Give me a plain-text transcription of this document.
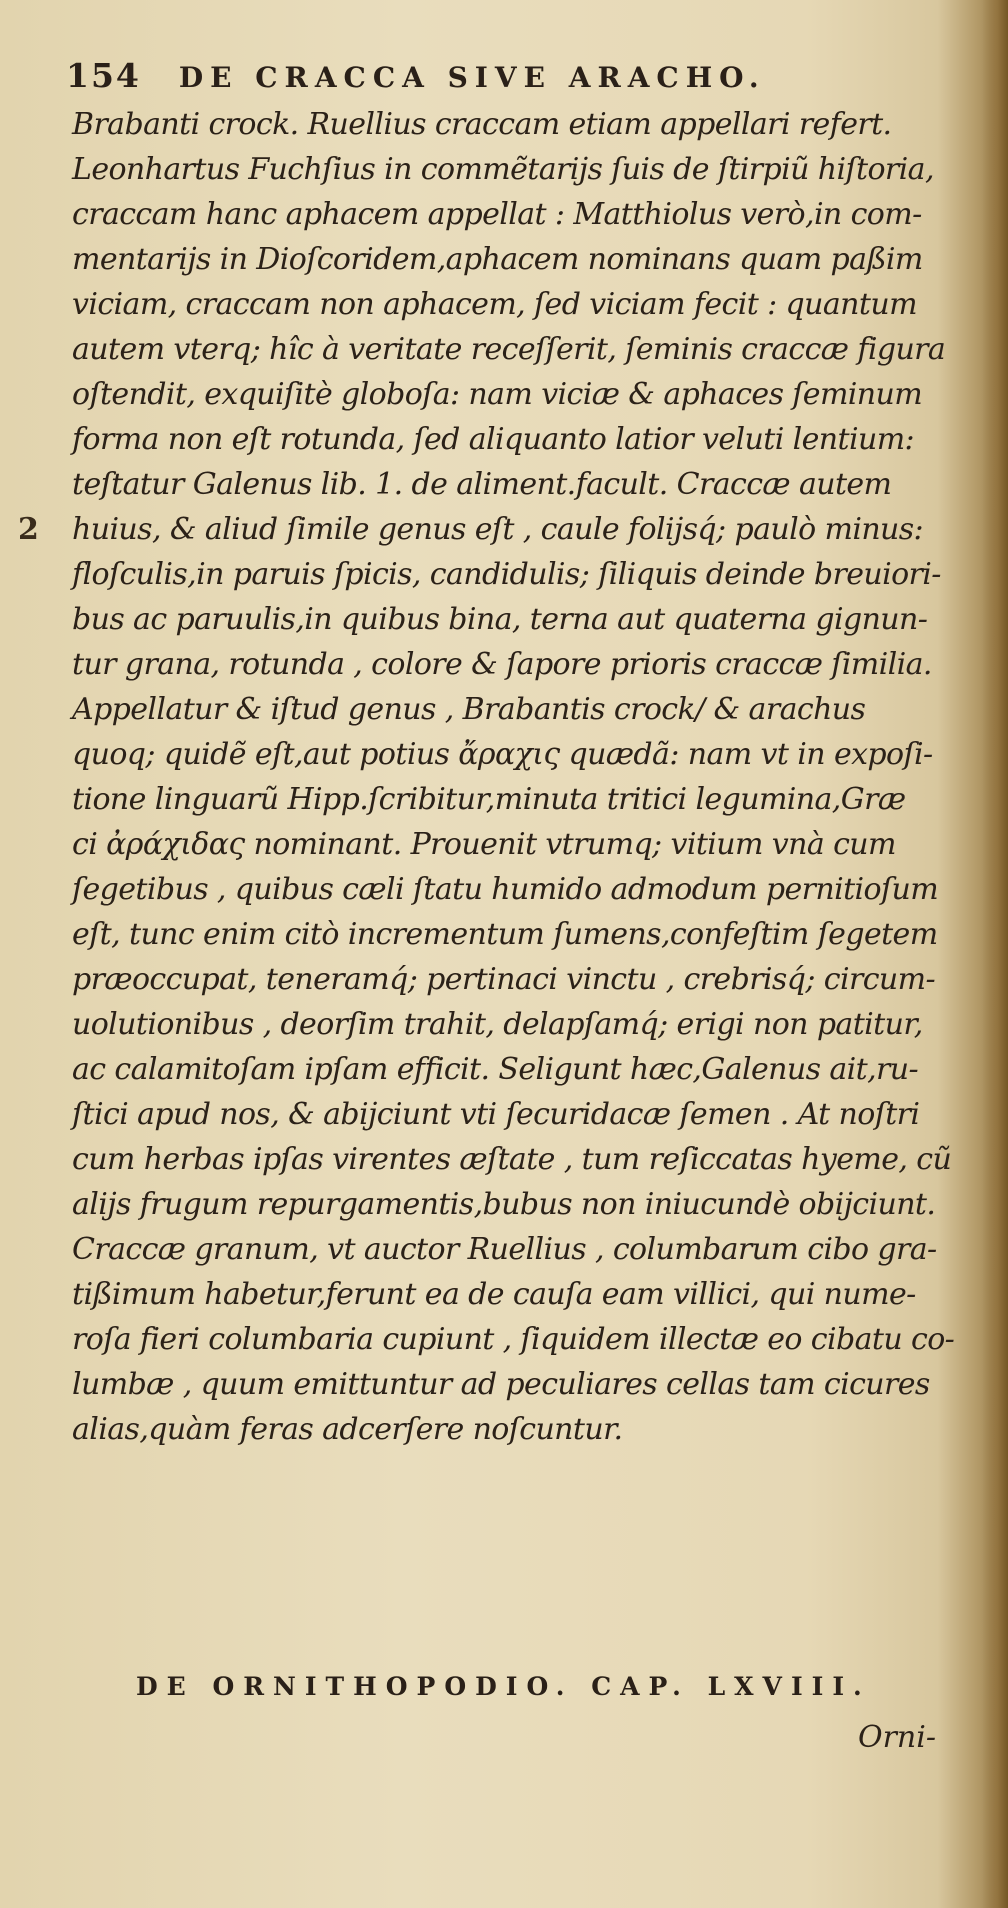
154 DE CRACCA SIVE ARACHO.
2
Brabanti crock. Ruellius craccam etiam appellari refert.
Leonhartus Fuchſius in commẽtarijs ſuis de ſtirpiũ hiſtoria,
craccam hanc aphacem appellat : Matthiolus verò,in com-
mentarijs in Dioſcoridem,aphacem nominans quam paßim
viciam, craccam non aphacem, ſed viciam fecit : quantum
autem vterq; hîc à veritate receſſerit, ſeminis craccæ figura
oſtendit, exquiſitè globoſa: nam viciæ & aphaces ſeminum
forma non eſt rotunda, ſed aliquanto latior veluti lentium:
teſtatur Galenus lib. 1. de aliment.facult. Craccæ autem
huius, & aliud ſimile genus eſt , caule folijsq́; paulò minus:
floſculis,in paruis ſpicis, candidulis; ſiliquis deinde breuiori-
bus ac paruulis,in quibus bina, terna aut quaterna gignun-
tur grana, rotunda , colore & ſapore prioris craccæ ſimilia.
Appellatur & iſtud genus , Brabantis crock/ & arachus
quoq; quidẽ eſt,aut potius ἄραχις quædã: nam vt in expoſi-
tione linguarũ Hipp.ſcribitur,minuta tritici legumina,Græ
ci ἀράχιδας nominant. Prouenit vtrumq; vitium vnà cum
ſegetibus , quibus cæli ſtatu humido admodum pernitioſum
eſt, tunc enim citò incrementum ſumens,confeſtim ſegetem
præoccupat, teneramq́; pertinaci vinctu , crebrisq́; circum-
uolutionibus , deorſim trahit, delapſamq́; erigi non patitur,
ac calamitoſam ipſam efficit. Seligunt hæc,Galenus ait,ru-
ſtici apud nos, & abijciunt vti ſecuridacæ ſemen . At noſtri
cum herbas ipſas virentes æſtate , tum reſiccatas hyeme, cũ
alijs frugum repurgamentis,bubus non iniucundè obijciunt.
Craccæ granum, vt auctor Ruellius , columbarum cibo gra-
tißimum habetur,ferunt ea de cauſa eam villici, qui nume-
roſa fieri columbaria cupiunt , ſiquidem illectæ eo cibatu co-
lumbæ , quum emittuntur ad peculiares cellas tam cicures
alias,quàm feras adcerſere noſcuntur.
DE ORNITHOPODIO. CAP. LXVIII.
Orni-
